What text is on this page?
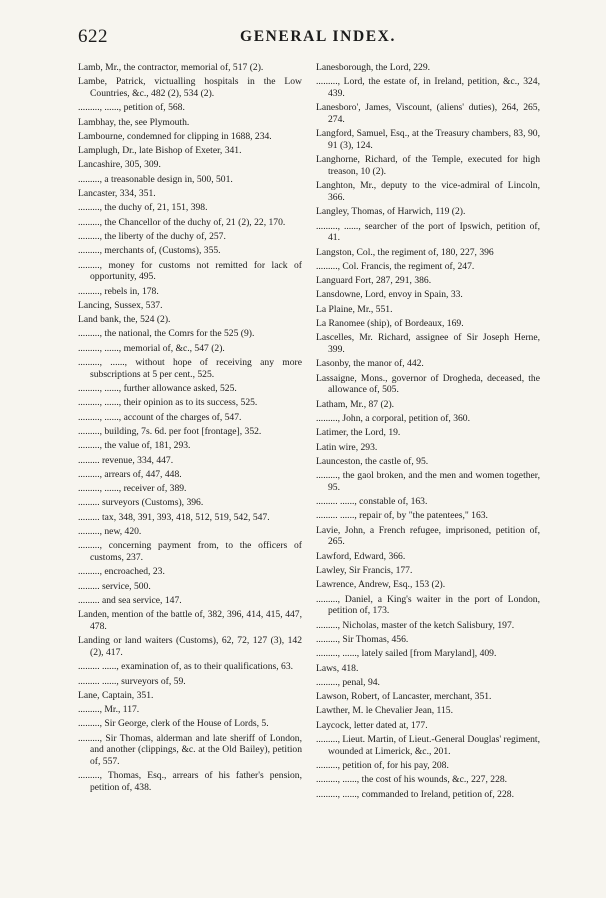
622	GENERAL INDEX.

Lamb, Mr., the contractor, memorial of, 517 (2).

Lambe, Patrick, victualling hospitals in the Low Countries, &c., 482 (2), 534 (2).

........., ......, petition of, 568.

Lambhay, the, see Plymouth.

Lambourne, condemned for clipping in 1688, 234.

Lamplugh, Dr., late Bishop of Exeter, 341.

Lancashire, 305, 309.

........., a treasonable design in, 500, 501.

Lancaster, 334, 351.

........., the duchy of, 21, 151, 398.

........., the Chancellor of the duchy of, 21 (2), 22, 170.

........., the liberty of the duchy of, 257.

........., merchants of, (Customs), 355.

........., money for customs not remitted for lack of opportunity, 495.

........., rebels in, 178.

Lancing, Sussex, 537.

Land bank, the, 524 (2).

........., the national, the Comrs for the 525 (9).

........., ......, memorial of, &c., 547 (2).

........., ......, without hope of receiving any more subscriptions at 5 per cent., 525.

........., ......, further allowance asked, 525.

........., ......, their opinion as to its success, 525.

........., ......, account of the charges of, 547.

........., building, 7s. 6d. per foot [frontage], 352.

........., the value of, 181, 293.

......... revenue, 334, 447.

........., arrears of, 447, 448.

........., ......, receiver of, 389.

......... surveyors (Customs), 396.

......... tax, 348, 391, 393, 418, 512, 519, 542, 547.

........., new, 420.

........., concerning payment from, to the officers of customs, 237.

........., encroached, 23.

......... service, 500.

......... and sea service, 147.

Landen, mention of the battle of, 382, 396, 414, 415, 447, 478.

Landing or land waiters (Customs), 62, 72, 127 (3), 142 (2), 417.

......... ......, examination of, as to their qualifications, 63.

......... ......, surveyors of, 59.

Lane, Captain, 351.

........., Mr., 117.

........., Sir George, clerk of the House of Lords, 5.

........., Sir Thomas, alderman and late sheriff of London, and another (clippings, &c. at the Old Bailey), petition of, 557.

........., Thomas, Esq., arrears of his father's pension, petition of, 438.

Lanesborough, the Lord, 229.

........., Lord, the estate of, in Ireland, petition, &c., 324, 439.

Lanesboro', James, Viscount, (aliens' duties), 264, 265, 274.

Langford, Samuel, Esq., at the Treasury chambers, 83, 90, 91 (3), 124.

Langhorne, Richard, of the Temple, executed for high treason, 10 (2).

Langhton, Mr., deputy to the vice-admiral of Lincoln, 366.

Langley, Thomas, of Harwich, 119 (2).

........., ......, searcher of the port of Ipswich, petition of, 41.

Langston, Col., the regiment of, 180, 227, 396

........., Col. Francis, the regiment of, 247.

Languard Fort, 287, 291, 386.

Lansdowne, Lord, envoy in Spain, 33.

La Plaine, Mr., 551.

La Ranomee (ship), of Bordeaux, 169.

Lascelles, Mr. Richard, assignee of Sir Joseph Herne, 399.

Lasonby, the manor of, 442.

Lassaigne, Mons., governor of Drogheda, deceased, the allowance of, 505.

Latham, Mr., 87 (2).

........., John, a corporal, petition of, 360.

Latimer, the Lord, 19.

Latin wire, 293.

Launceston, the castle of, 95.

........., the gaol broken, and the men and women together, 95.

......... ......, constable of, 163.

......... ......, repair of, by "the patentees," 163.

Lavie, John, a French refugee, imprisoned, petition of, 265.

Lawford, Edward, 366.

Lawley, Sir Francis, 177.

Lawrence, Andrew, Esq., 153 (2).

........., Daniel, a King's waiter in the port of London, petition of, 173.

........., Nicholas, master of the ketch Salisbury, 197.

........., Sir Thomas, 456.

........., ......, lately sailed [from Maryland], 409.

Laws, 418.

........., penal, 94.

Lawson, Robert, of Lancaster, merchant, 351.

Lawther, M. le Chevalier Jean, 115.

Laycock, letter dated at, 177.

........., Lieut. Martin, of Lieut.-General Douglas' regiment, wounded at Limerick, &c., 201.

........., petition of, for his pay, 208.

........., ......, the cost of his wounds, &c., 227, 228.

........., ......, commanded to Ireland, petition of, 228.
